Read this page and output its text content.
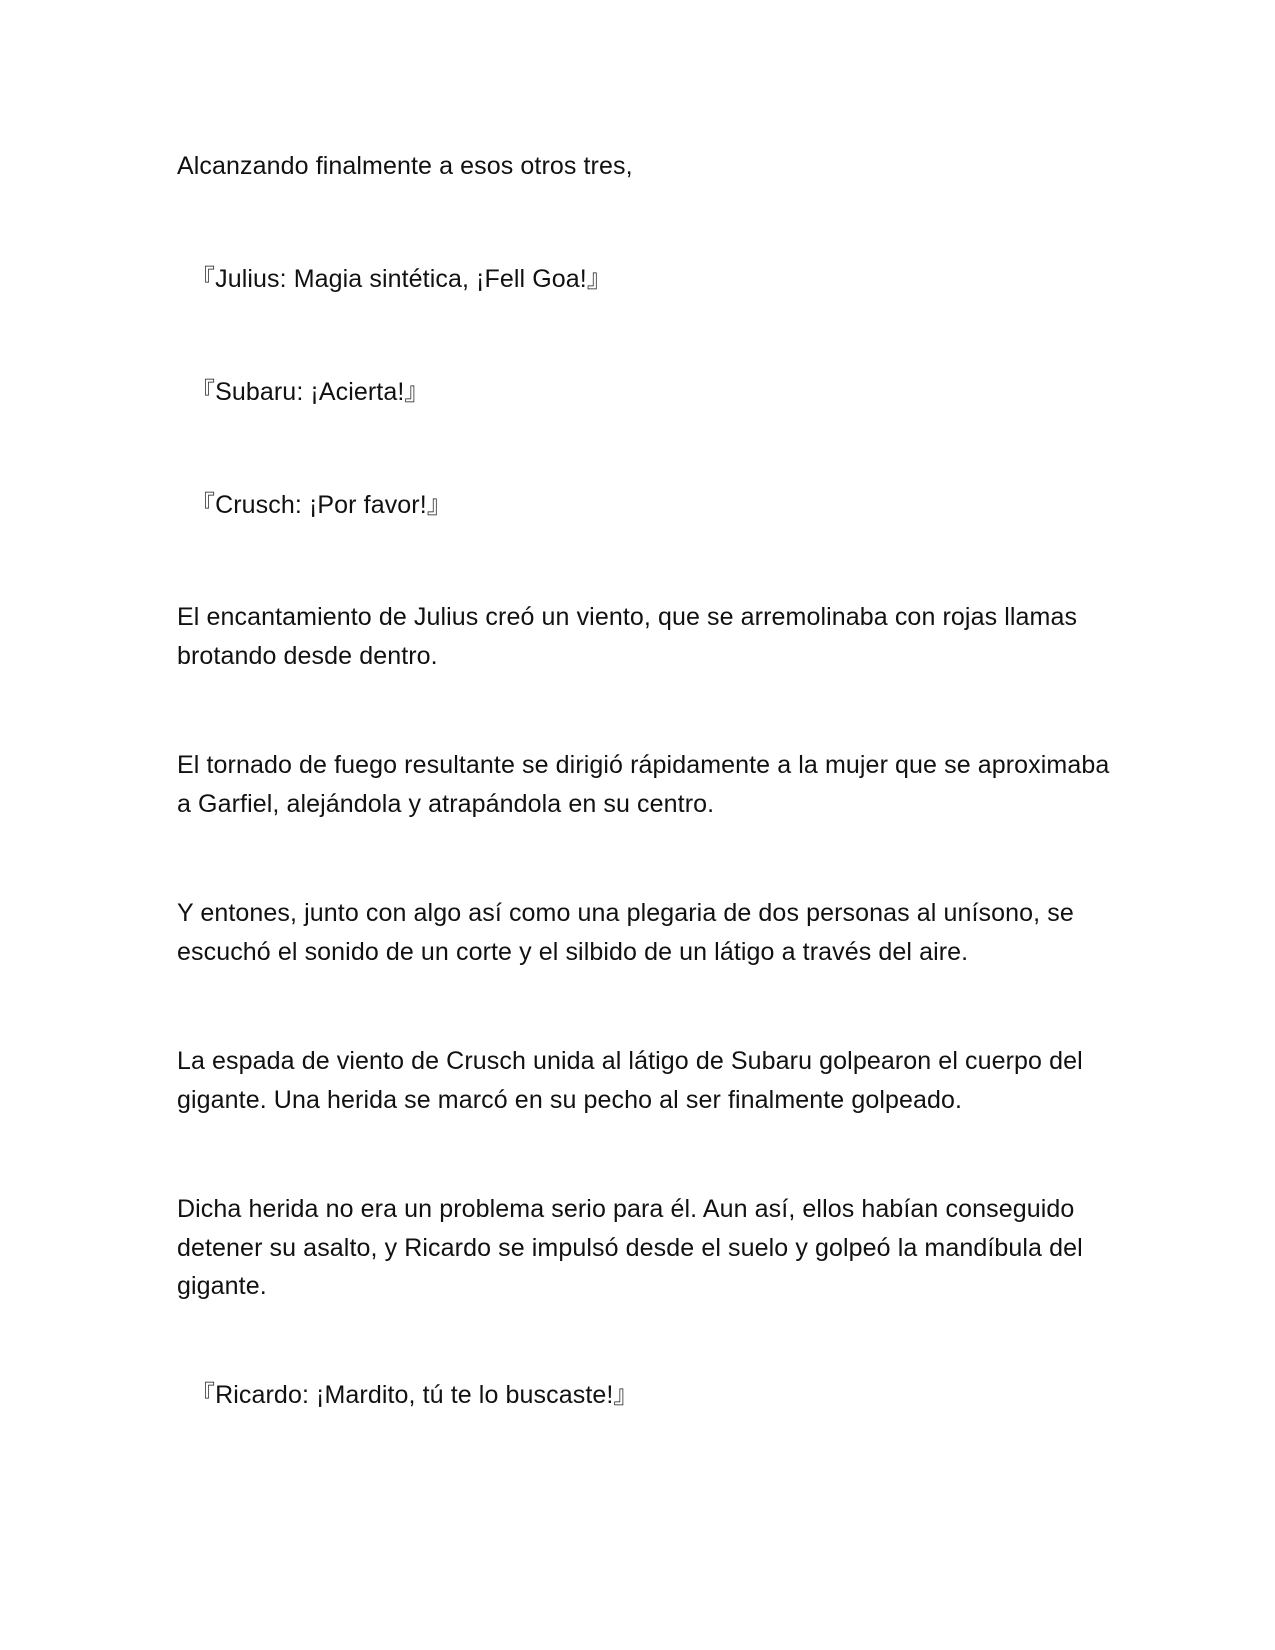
Alcanzando finalmente a esos otros tres,

『Julius: Magia sintética, ¡Fell Goa!』

『Subaru: ¡Acierta!』

『Crusch: ¡Por favor!』

El encantamiento de Julius creó un viento, que se arremolinaba con rojas llamas brotando desde dentro.

El tornado de fuego resultante se dirigió rápidamente a la mujer que se aproximaba a Garfiel, alejándola y atrapándola en su centro.

Y entones, junto con algo así como una plegaria de dos personas al unísono, se escuchó el sonido de un corte y el silbido de un látigo a través del aire.

La espada de viento de Crusch unida al látigo de Subaru golpearon el cuerpo del gigante. Una herida se marcó en su pecho al ser finalmente golpeado.

Dicha herida no era un problema serio para él. Aun así, ellos habían conseguido detener su asalto, y Ricardo se impulsó desde el suelo y golpeó la mandíbula del gigante.

『Ricardo: ¡Mardito, tú te lo buscaste!』
